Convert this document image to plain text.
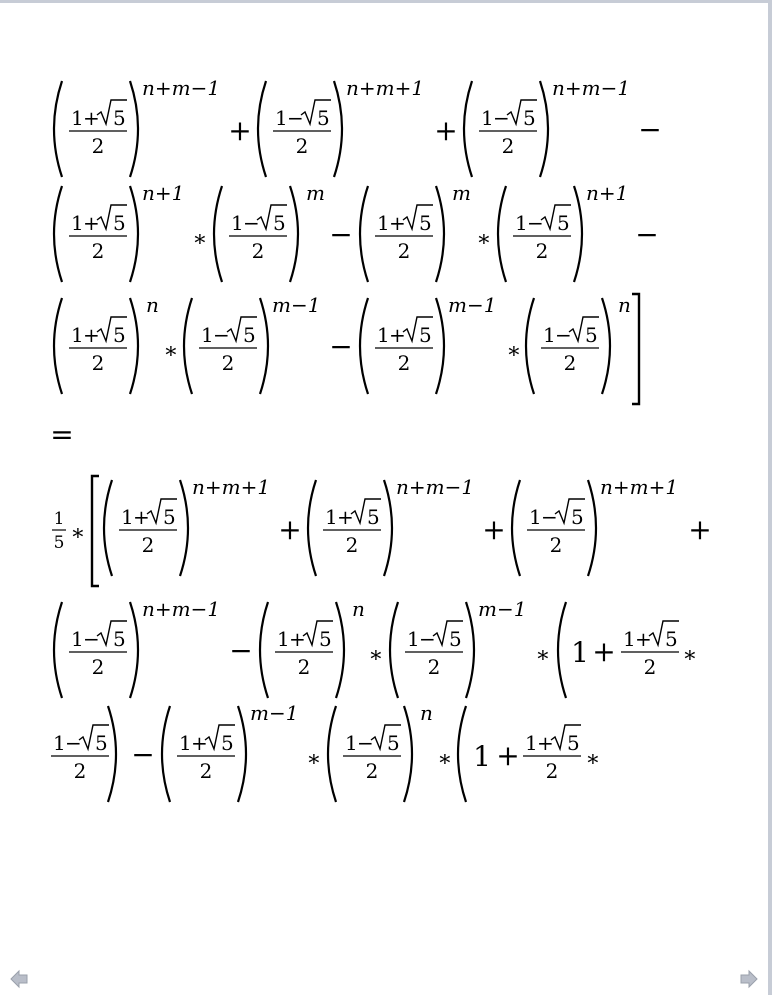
1 + 5
2
n+m−1
+ 1 − 5
2
n+m+1
+ 1 − 5
2
n+m−1
−
1 + 5
2
n+1
∗
1 − 5
2
m
− 1 + 5
2
m
∗
1 − 5
2
n+1
−
1 + 5
2
n
∗
1 − 5
2
m−1
− 1 + 5
2
m−1
∗
1 − 5
2
n
=
1
5 ∗
1 + 5
2
n+m+1
+ 1 + 5
2
n+m−1
+ 1 − 5
2
n+m+1
+
1 − 5
2
n+m−1
− 1 + 5
2
n
∗
1 − 5
2
m−1
∗ 1 + 1 + 5
2 ∗
1 − 5
2 − 1 + 5
2
m−1
∗
1 − 5
2
n
∗ 1 + 1 + 5
2 ∗
